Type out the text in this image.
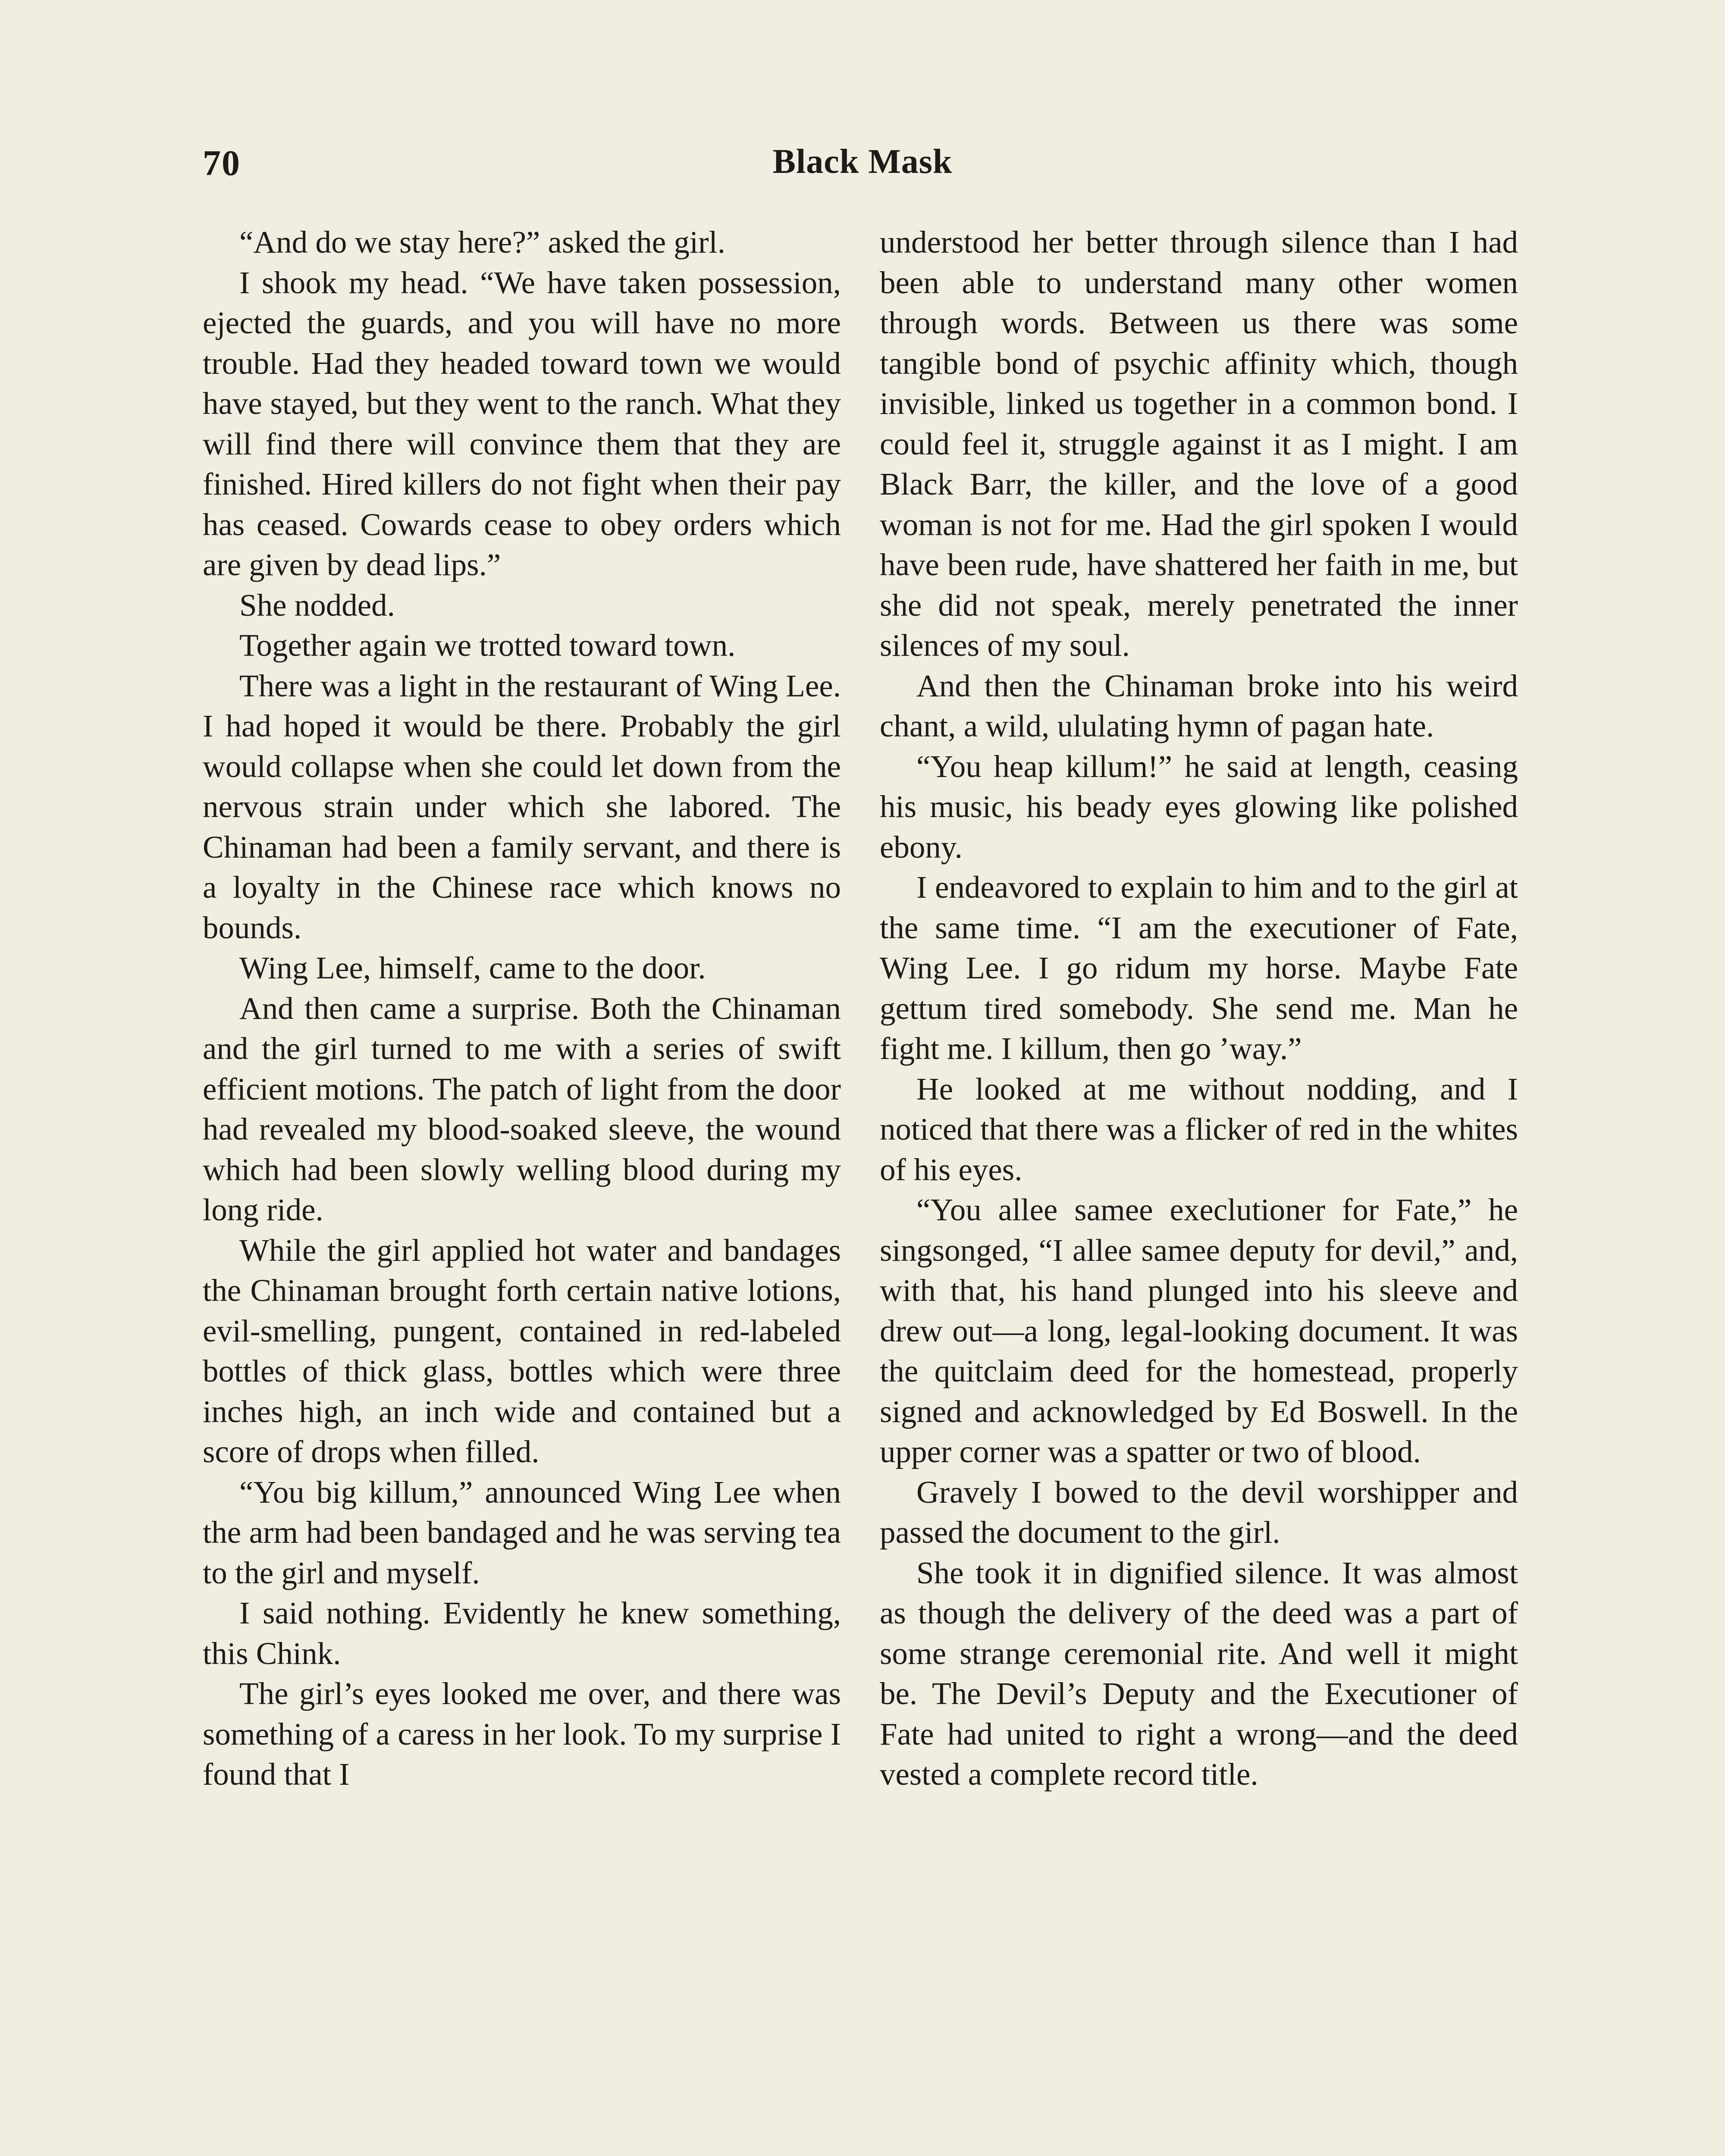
70	Black Mask

“And do we stay here?” asked the girl.

I shook my head. “We have taken possession, ejected the guards, and you will have no more trouble. Had they headed toward town we would have stayed, but they went to the ranch. What they will find there will convince them that they are finished. Hired killers do not fight when their pay has ceased. Cowards cease to obey orders which are given by dead lips.”

She nodded.

Together again we trotted toward town.

There was a light in the restaurant of Wing Lee. I had hoped it would be there. Probably the girl would collapse when she could let down from the nervous strain under which she labored. The Chinaman had been a family servant, and there is a loyalty in the Chinese race which knows no bounds.

Wing Lee, himself, came to the door.

And then came a surprise. Both the Chinaman and the girl turned to me with a series of swift efficient motions. The patch of light from the door had revealed my blood-soaked sleeve, the wound which had been slowly welling blood during my long ride.

While the girl applied hot water and bandages the Chinaman brought forth certain native lotions, evil-smelling, pungent, contained in red-labeled bottles of thick glass, bottles which were three inches high, an inch wide and contained but a score of drops when filled.

“You big killum,” announced Wing Lee when the arm had been bandaged and he was serving tea to the girl and myself.

I said nothing. Evidently he knew something, this Chink.

The girl’s eyes looked me over, and there was something of a caress in her look. To my surprise I found that I

understood her better through silence than I had been able to understand many other women through words. Between us there was some tangible bond of psychic affinity which, though invisible, linked us together in a common bond. I could feel it, struggle against it as I might. I am Black Barr, the killer, and the love of a good woman is not for me. Had the girl spoken I would have been rude, have shattered her faith in me, but she did not speak, merely penetrated the inner silences of my soul.

And then the Chinaman broke into his weird chant, a wild, ululating hymn of pagan hate.

“You heap killum!” he said at length, ceasing his music, his beady eyes glowing like polished ebony.

I endeavored to explain to him and to the girl at the same time. “I am the executioner of Fate, Wing Lee. I go ridum my horse. Maybe Fate gettum tired somebody. She send me. Man he fight me. I killum, then go ’way.”

He looked at me without nodding, and I noticed that there was a flicker of red in the whites of his eyes.

“You allee samee execlutioner for Fate,” he singsonged, “I allee samee deputy for devil,” and, with that, his hand plunged into his sleeve and drew out—a long, legal-looking document. It was the quitclaim deed for the homestead, properly signed and acknowledged by Ed Boswell. In the upper corner was a spatter or two of blood.

Gravely I bowed to the devil worshipper and passed the document to the girl.

She took it in dignified silence. It was almost as though the delivery of the deed was a part of some strange ceremonial rite. And well it might be. The Devil’s Deputy and the Executioner of Fate had united to right a wrong—and the deed vested a complete record title.
